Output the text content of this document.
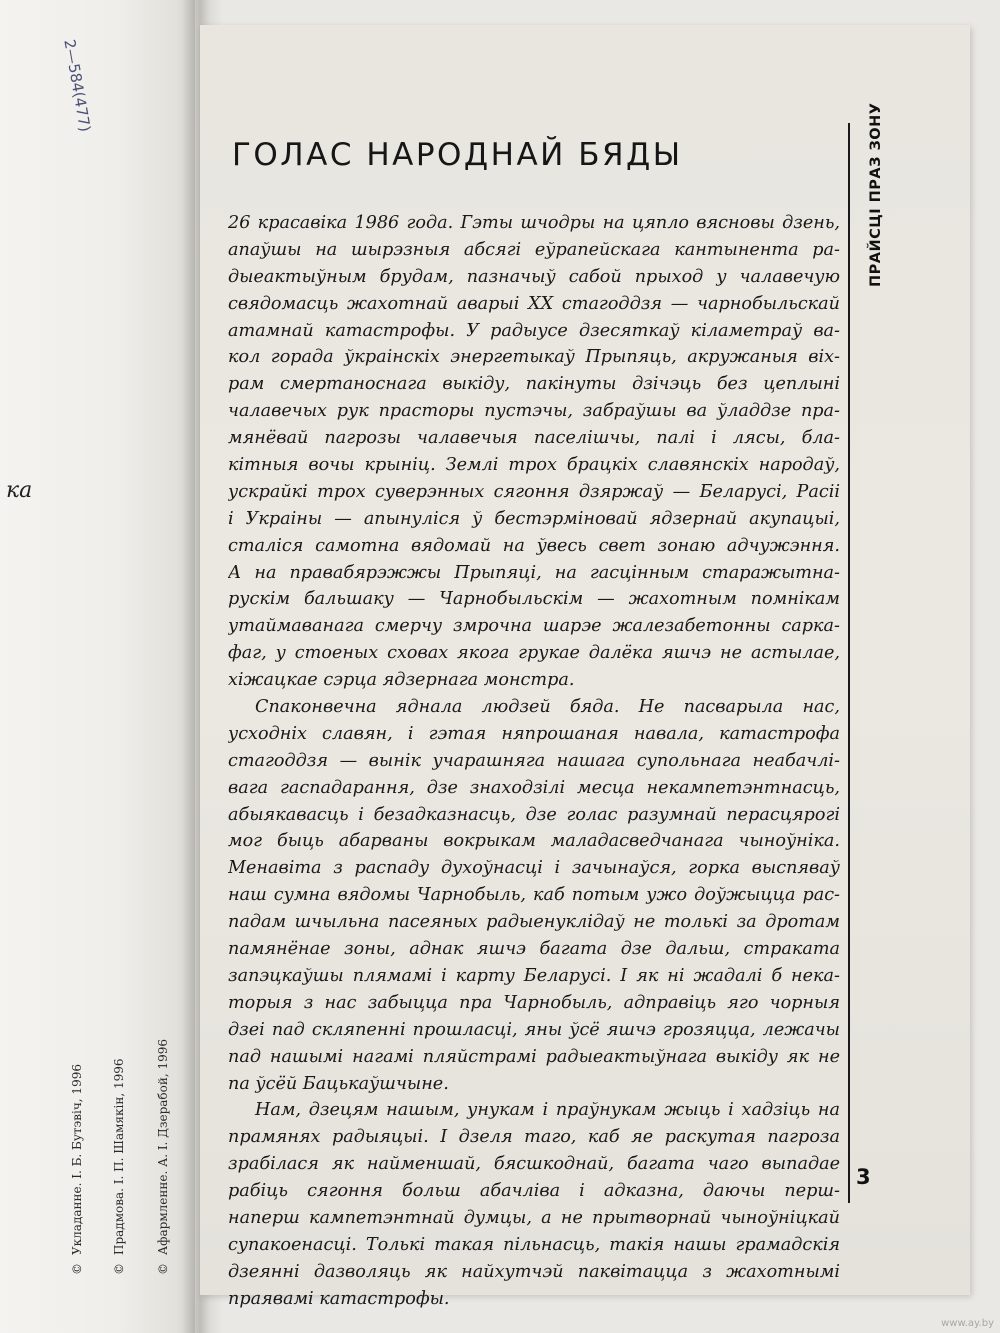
2—584(477)
ка
©Укладанне. І. Б. Бутэвіч, 1996
©Прадмова. І. П. Шамякін, 1996
©Афармленне. А. І. Дзерабой, 1996
ГОЛАС НАРОДНАЙ БЯДЫ	ПРАЙСЦІ ПРАЗ ЗОНУ
3
26 красавіка 1986 года. Гэты шчодры на цяпло вясновы дзень,
апаўшы на шырэзныя абсягі еўрапейскага кантынента ра-
дыеактыўным брудам, пазначыў сабой прыход у чалавечую
свядомасць жахотнай аварыі XX стагоддзя — чарнобыльскай
атамнай катастрофы. У радыусе дзесяткаў кіламетраў ва-
кол горада ўкраінскіх энергетыкаў Прыпяць, акружаныя віх-
рам смертаноснага выкіду, пакінуты дзічэць без цеплыні
чалавечых рук прасторы пустэчы, забраўшы ва ўладдзе пра-
мянёвай пагрозы чалавечыя паселішчы, палі і лясы, бла-
кітныя вочы крыніц. Землі трох брацкіх славянскіх народаў,
ускрайкі трох суверэнных сягоння дзяржаў — Беларусі, Расіі
і Украіны — апынуліся ў бестэрміновай ядзернай акупацыі,
сталіся самотна вядомай на ўвесь свет зонаю адчужэння.
А на правабярэжжы Прыпяці, на гасцінным старажытна-
рускім бальшаку — Чарнобыльскім — жахотным помнікам
утаймаванага смерчу змрочна шарэе жалезабетонны сарка-
фаг, у стоеных сховах якога грукае далёка яшчэ не астылае,
хіжацкае сэрца ядзернага монстра.
Спаконвечна яднала людзей бяда. Не пасварыла нас,
усходніх славян, і гэтая няпрошаная навала, катастрофа
стагоддзя — вынік учарашняга нашага супольнага неабачлі-
вага гаспадарання, дзе знаходзілі месца некампетэнтнасць,
абыякавасць і безадказнасць, дзе голас разумнай перасцярогі
мог быць абарваны вокрыкам маладасведчанага чыноўніка.
Менавіта з распаду духоўнасці і зачынаўся, горка выспяваў
наш сумна вядомы Чарнобыль, каб потым ужо доўжыцца рас-
падам шчыльна пасеяных радыенуклідаў не толькі за дротам
памянёнае зоны, аднак яшчэ багата дзе дальш, страката
запэцкаўшы плямамі і карту Беларусі. І як ні жадалі б нека-
торыя з нас забыцца пра Чарнобыль, адправіць яго чорныя
дзеі пад скляпенні прошласці, яны ўсё яшчэ грозяцца, лежачы
пад нашымі нагамі пляйстрамі радыеактыўнага выкіду як не
па ўсёй Бацькаўшчыне.
Нам, дзецям нашым, унукам і праўнукам жыць і хадзіць на
прамянях радыяцыі. І дзеля таго, каб яе раскутая пагроза
зрабілася як найменшай, бясшкоднай, багата чаго выпадае
рабіць сягоння больш абачліва і адказна, даючы перш-
наперш кампетэнтнай думцы, а не прытворнай чыноўніцкай
супакоенасці. Толькі такая пільнасць, такія нашы грамадскія
дзеянні дазволяць як найхутчэй паквітацца з жахотнымі
праявамі катастрофы.
www.ay.by
